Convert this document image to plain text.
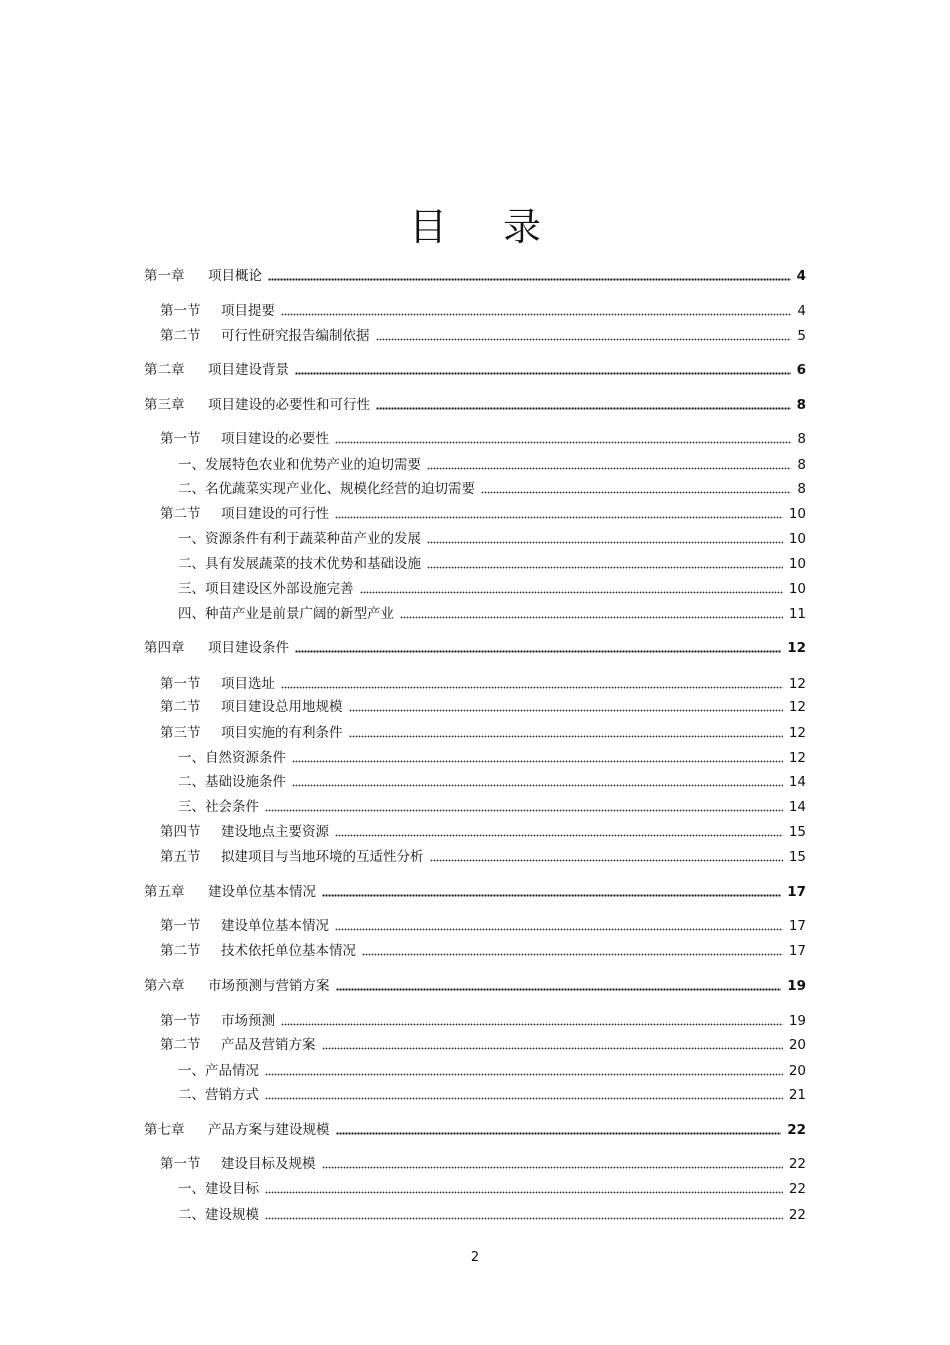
目 录
第一章	项目概论	4
第一节	项目提要	4
第二节	可行性研究报告编制依据	5
第二章	项目建设背景	6
第三章	项目建设的必要性和可行性	8
第一节	项目建设的必要性	8
一、发展特色农业和优势产业的迫切需要	8
二、名优蔬菜实现产业化、规模化经营的迫切需要	8
第二节	项目建设的可行性	10
一、资源条件有利于蔬菜种苗产业的发展	10
二、具有发展蔬菜的技术优势和基础设施	10
三、项目建设区外部设施完善	10
四、种苗产业是前景广阔的新型产业	11
第四章	项目建设条件	12
第一节	项目选址	12
第二节	项目建设总用地规模	12
第三节	项目实施的有利条件	12
一、自然资源条件	12
二、基础设施条件	14
三、社会条件	14
第四节	建设地点主要资源	15
第五节	拟建项目与当地环境的互适性分析	15
第五章	建设单位基本情况	17
第一节	建设单位基本情况	17
第二节	技术依托单位基本情况	17
第六章	市场预测与营销方案	19
第一节	市场预测	19
第二节	产品及营销方案	20
一、产品情况	20
二、营销方式	21
第七章	产品方案与建设规模	22
第一节	建设目标及规模	22
一、建设目标	22
二、建设规模	22
2
